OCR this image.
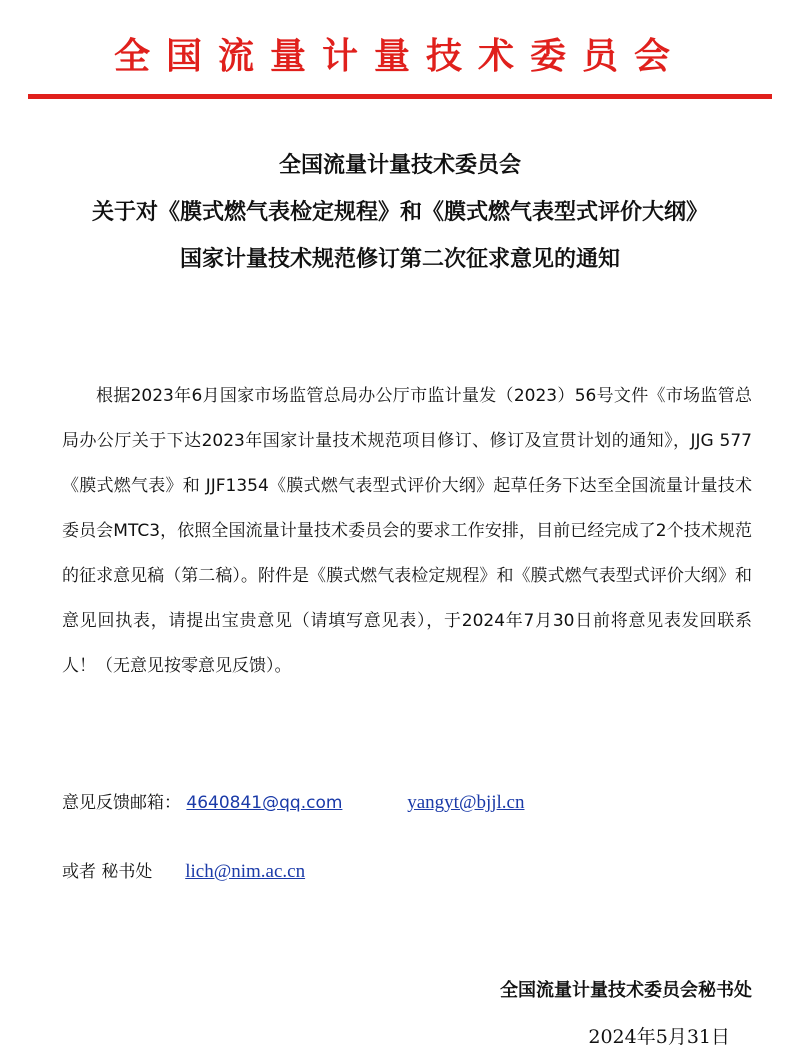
全国流量计量技术委员会
全国流量计量技术委员会
关于对《膜式燃气表检定规程》和《膜式燃气表型式评价大纲》
国家计量技术规范修订第二次征求意见的通知

根据2023年6月国家市场监管总局办公厅市监计量发（2023）56号文件《市场监管总局办公厅关于下达2023年国家计量技术规范项目修订、修订及宣贯计划的通知》，JJG 577《膜式燃气表》和 JJF1354《膜式燃气表型式评价大纲》起草任务下达至全国流量计量技术委员会MTC3，依照全国流量计量技术委员会的要求工作安排，目前已经完成了2个技术规范的征求意见稿（第二稿）。附件是《膜式燃气表检定规程》和《膜式燃气表型式评价大纲》和意见回执表，请提出宝贵意见（请填写意见表），于2024年7月30日前将意见表发回联系人！（无意见按零意见反馈）。

意见反馈邮箱： 4640841@qq.com	yangyt@bjjl.cn
或者 秘书处 lich@nim.ac.cn
全国流量计量技术委员会秘书处
2024年5月31日
